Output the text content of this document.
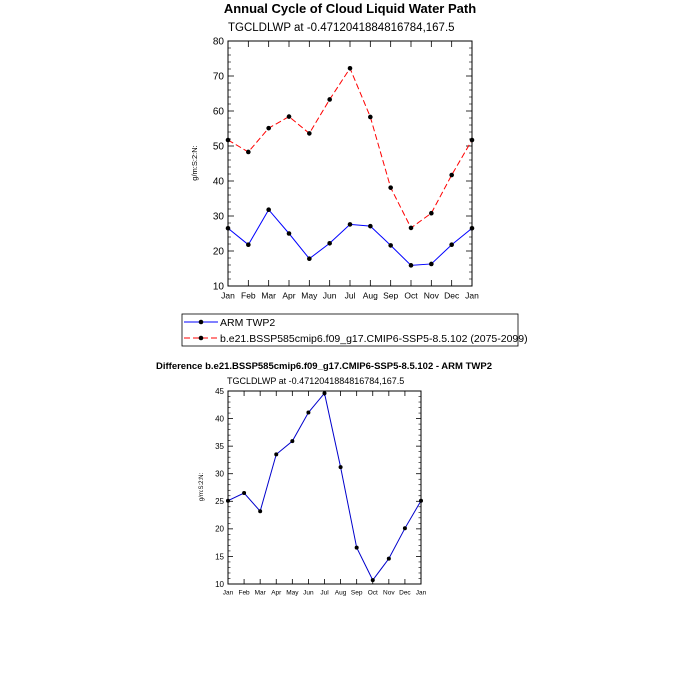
Annual Cycle of Cloud Liquid Water Path
TGCLDLWP at -0.4712041884816784,167.5
g/m:S:2:N:
ARM TWP2
b.e21.BSSP585cmip6.f09_g17.CMIP6-SSP5-8.5.102 (2075-2099)
Difference b.e21.BSSP585cmip6.f09_g17.CMIP6-SSP5-8.5.102 - ARM TWP2
TGCLDLWP at -0.4712041884816784,167.5
g/m:S:2:N:
10
20
30
40
50
60
70
80
Jan Feb Mar Apr May Jun Jul Aug Sep Oct Nov Dec Jan
10
15
20
25
30
35
40
45
Jan Feb Mar Apr May Jun Jul Aug Sep Oct Nov Dec Jan
